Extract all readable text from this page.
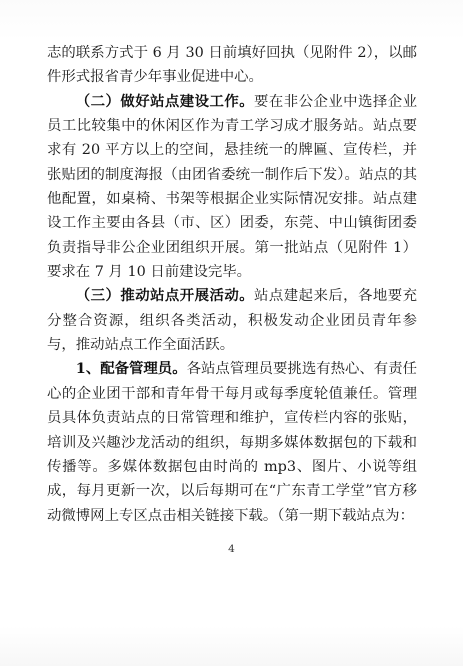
志的联系方式于 6 月 30 日前填好回执（见附件 2），以邮件形式报省青少年事业促进中心。

（二）做好站点建设工作。要在非公企业中选择企业员工比较集中的休闲区作为青工学习成才服务站。站点要求有 20 平方以上的空间，悬挂统一的牌匾、宣传栏，并张贴团的制度海报（由团省委统一制作后下发）。站点的其他配置，如桌椅、书架等根据企业实际情况安排。站点建设工作主要由各县（市、区）团委，东莞、中山镇街团委负责指导非公企业团组织开展。第一批站点（见附件 1）要求在 7 月 10 日前建设完毕。

（三）推动站点开展活动。站点建起来后，各地要充分整合资源，组织各类活动，积极发动企业团员青年参与，推动站点工作全面活跃。

1、配备管理员。各站点管理员要挑选有热心、有责任心的企业团干部和青年骨干每月或每季度轮值兼任。管理员具体负责站点的日常管理和维护，宣传栏内容的张贴，培训及兴趣沙龙活动的组织，每期多媒体数据包的下载和传播等。多媒体数据包由时尚的 mp3、图片、小说等组成，每月更新一次，以后每期可在“广东青工学堂”官方移动微博网上专区点击相关链接下载。（第一期下载站点为：

4
